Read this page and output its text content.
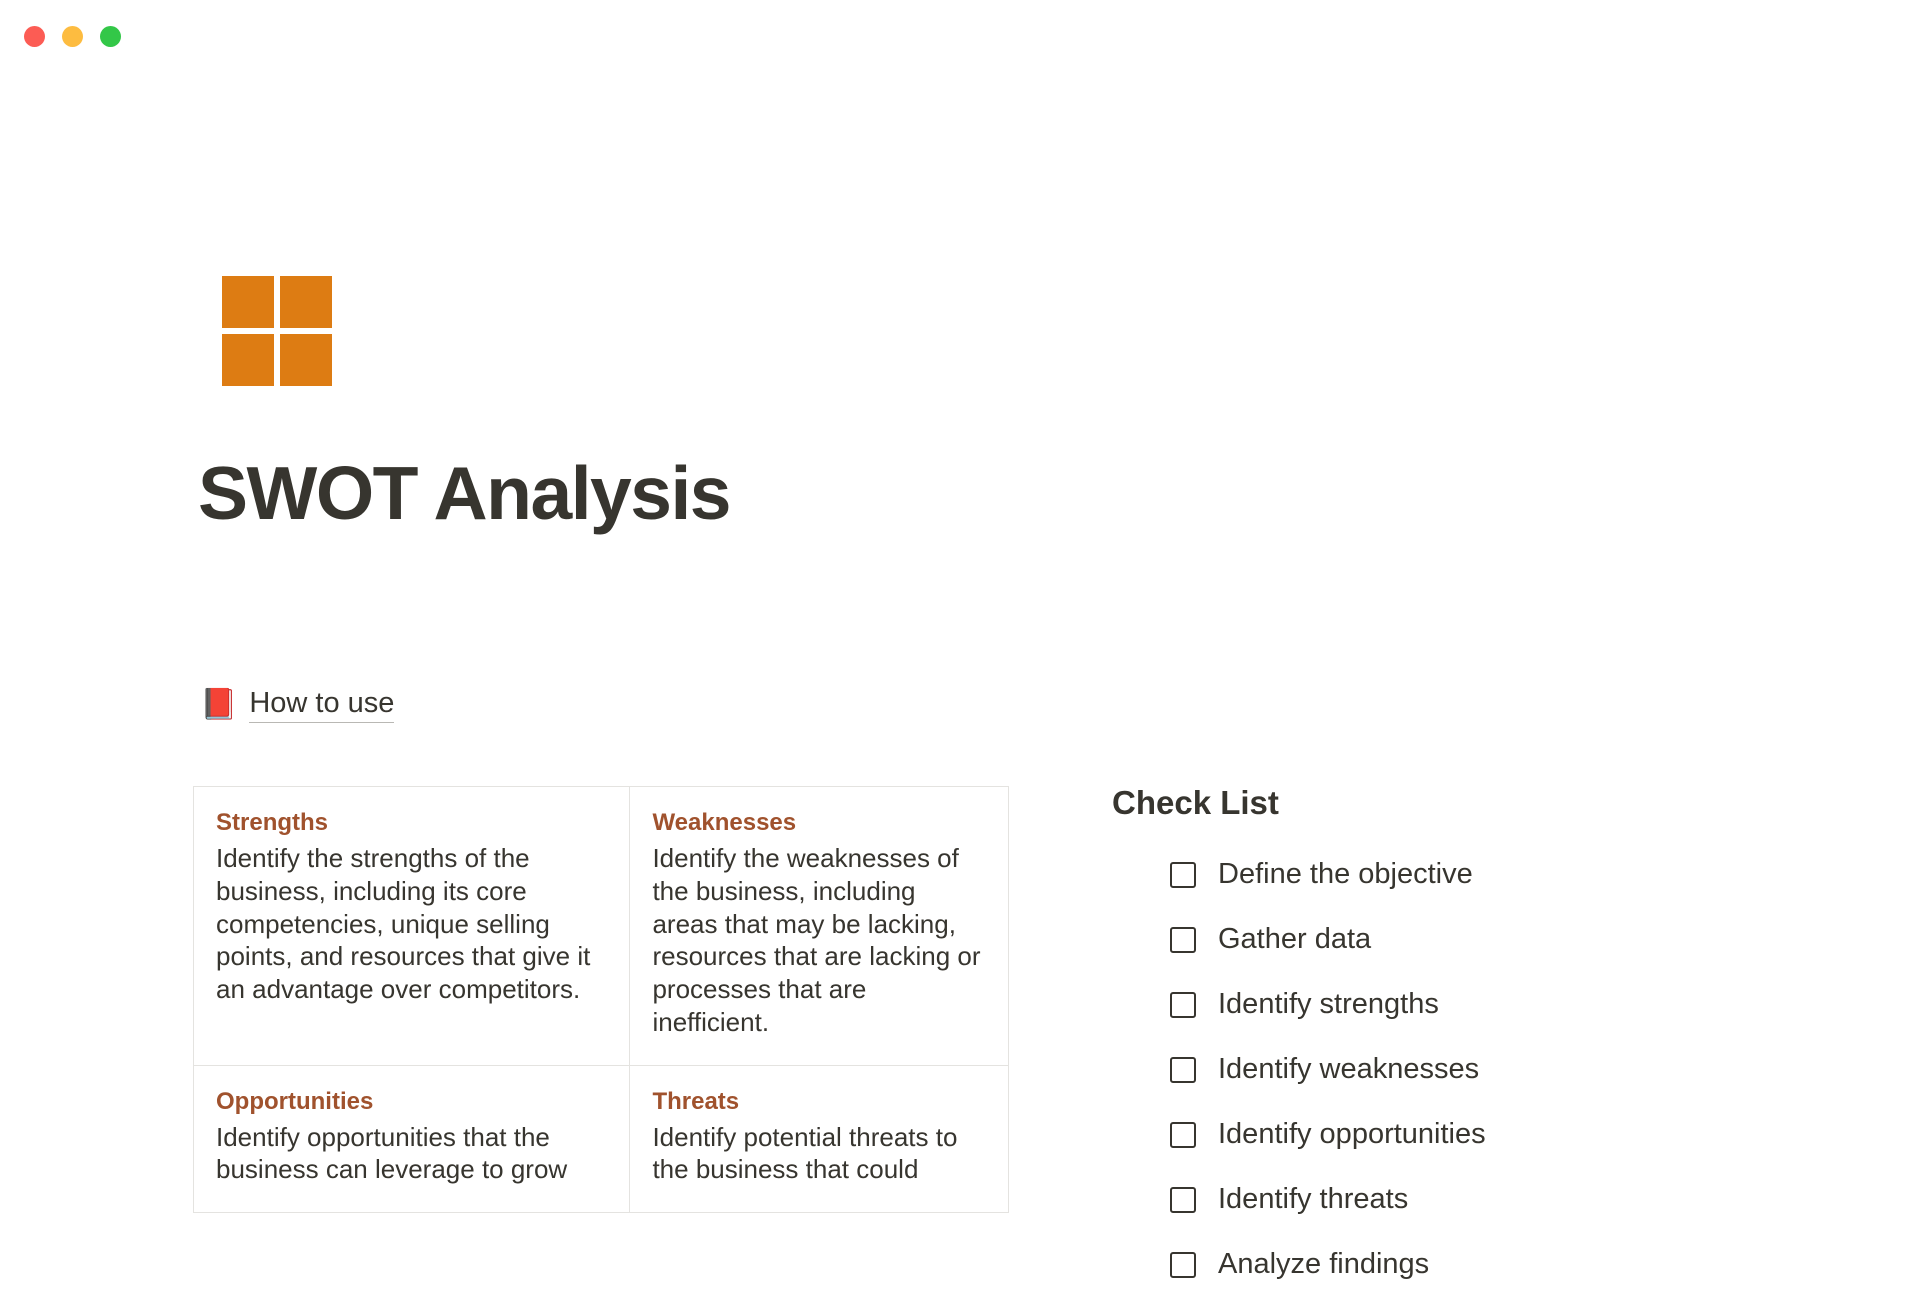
SWOT Analysis
📕 How to use
Strengths
Identify the strengths of the business, including its core competencies, unique selling points, and resources that give it an advantage over competitors.
Weaknesses
Identify the weaknesses of the business, including areas that may be lacking, resources that are lacking or processes that are inefficient.
Opportunities
Identify opportunities that the business can leverage to grow
Threats
Identify potential threats to the business that could
Check List
Define the objective
Gather data
Identify strengths
Identify weaknesses
Identify opportunities
Identify threats
Analyze findings
